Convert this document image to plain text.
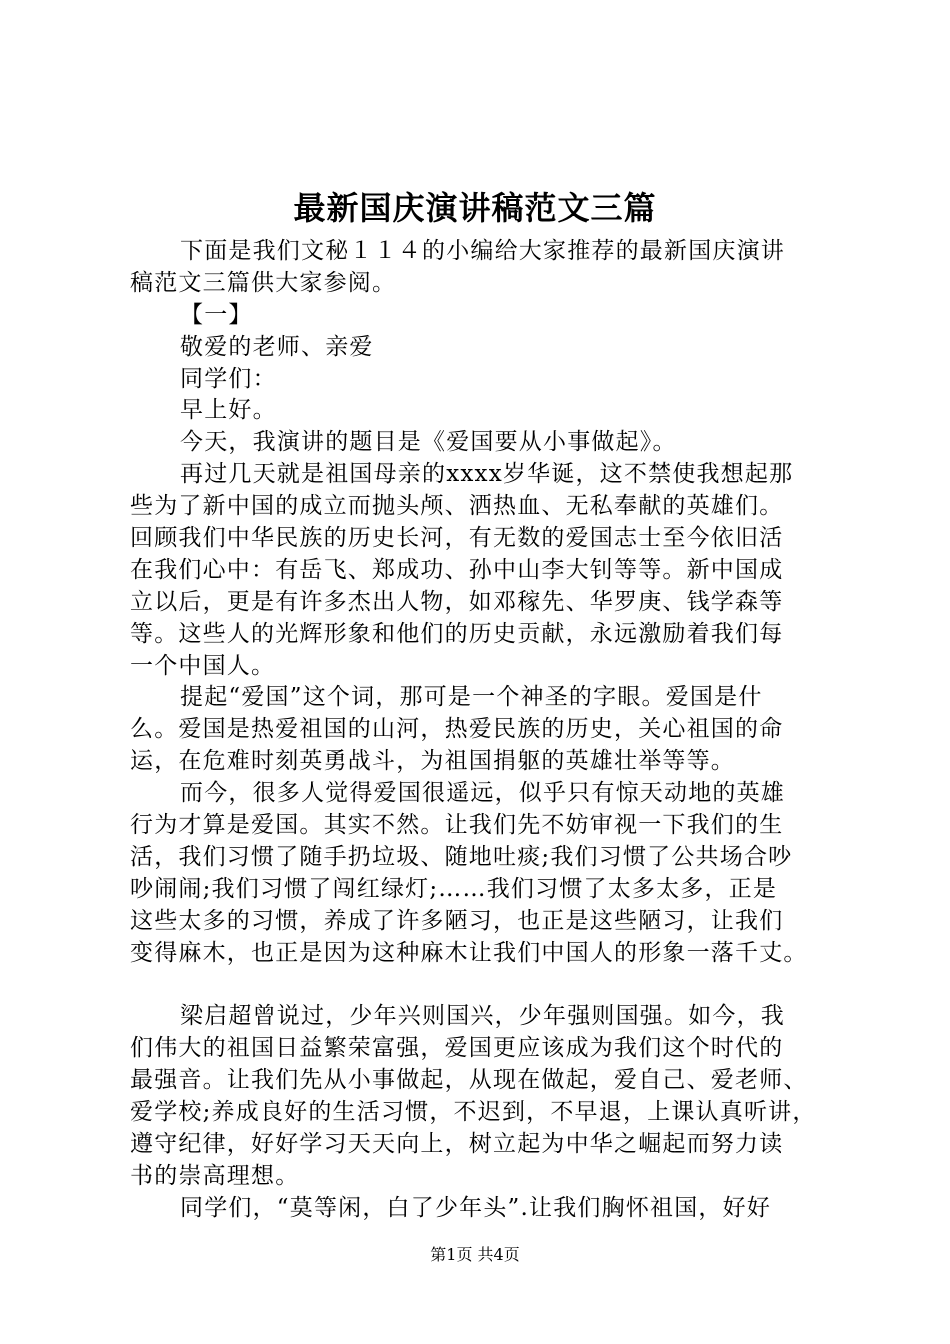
最新国庆演讲稿范文三篇
下面是我们文秘１１４的小编给大家推荐的最新国庆演讲
稿范文三篇供大家参阅。
【一】
敬爱的老师、亲爱
同学们：
早上好。
今天，我演讲的题目是《爱国要从小事做起》。
再过几天就是祖国母亲的xxxx岁华诞，这不禁使我想起那
些为了新中国的成立而抛头颅、洒热血、无私奉献的英雄们。
回顾我们中华民族的历史长河，有无数的爱国志士至今依旧活
在我们心中：有岳飞、郑成功、孙中山李大钊等等。新中国成
立以后，更是有许多杰出人物，如邓稼先、华罗庚、钱学森等
等。这些人的光辉形象和他们的历史贡献，永远激励着我们每
一个中国人。
提起“爱国”这个词，那可是一个神圣的字眼。爱国是什
么。爱国是热爱祖国的山河，热爱民族的历史，关心祖国的命
运，在危难时刻英勇战斗，为祖国捐躯的英雄壮举等等。
而今，很多人觉得爱国很遥远，似乎只有惊天动地的英雄
行为才算是爱国。其实不然。让我们先不妨审视一下我们的生
活，我们习惯了随手扔垃圾、随地吐痰;我们习惯了公共场合吵
吵闹闹;我们习惯了闯红绿灯;……我们习惯了太多太多，正是
这些太多的习惯，养成了许多陋习，也正是这些陋习，让我们
变得麻木，也正是因为这种麻木让我们中国人的形象一落千丈。
梁启超曾说过，少年兴则国兴，少年强则国强。如今，我
们伟大的祖国日益繁荣富强，爱国更应该成为我们这个时代的
最强音。让我们先从小事做起，从现在做起，爱自己、爱老师、
爱学校;养成良好的生活习惯，不迟到，不早退，上课认真听讲，
遵守纪律，好好学习天天向上，树立起为中华之崛起而努力读
书的崇高理想。
同学们，“莫等闲，白了少年头”.让我们胸怀祖国，好好
第1页 共4页
